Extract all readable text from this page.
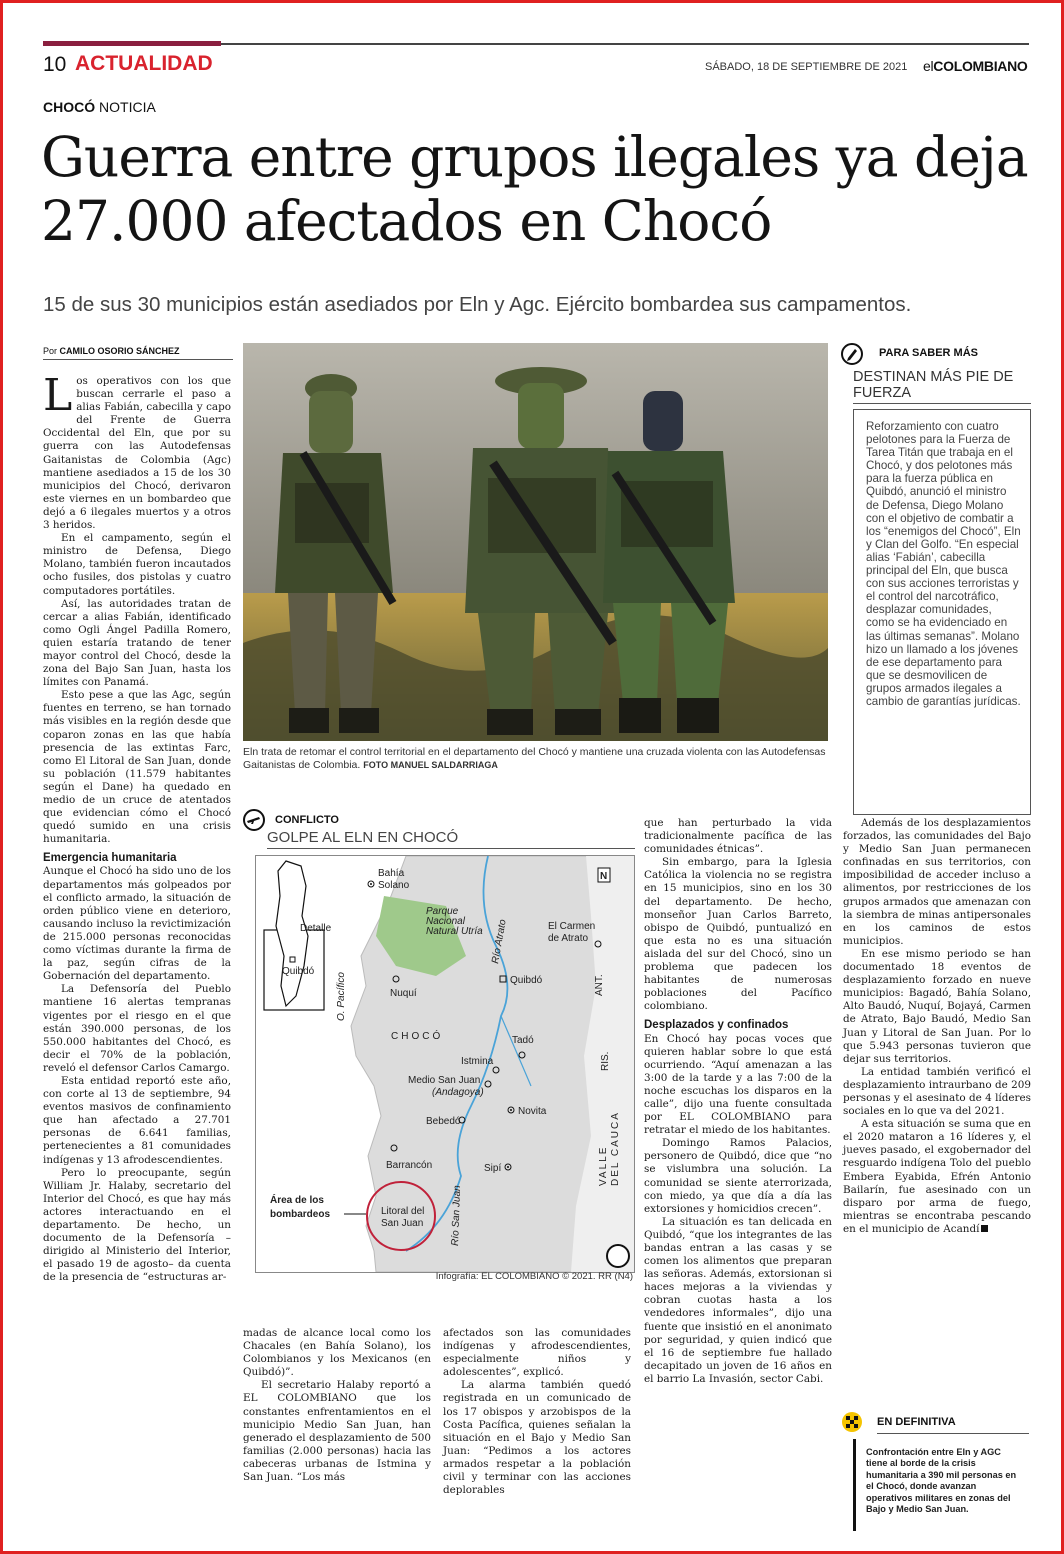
10 ACTUALIDAD	SÁBADO, 18 DE SEPTIEMBRE DE 2021 elCOLOMBIANO
CHOCÓ NOTICIA
Guerra entre grupos ilegales ya deja 27.000 afectados en Chocó
15 de sus 30 municipios están asediados por Eln y Agc. Ejército bombardea sus campamentos.
Por CAMILO OSORIO SÁNCHEZ
L os operativos con los que buscan cerrarle el paso a alias Fabián, cabecilla y capo del Frente de Guerra Occidental del Eln, que por su guerra con las Autodefensas Gaitanistas de Colombia (Agc) mantiene asediados a 15 de los 30 municipios del Chocó, derivaron este viernes en un bombardeo que dejó a 6 ilegales muertos y a otros 3 heridos.

En el campamento, según el ministro de Defensa, Diego Molano, también fueron incautados ocho fusiles, dos pistolas y cuatro computadores portátiles.

Así, las autoridades tratan de cercar a alias Fabián, identificado como Ogli Ángel Padilla Romero, quien estaría tratando de tener mayor control del Chocó, desde la zona del Bajo San Juan, hasta los límites con Panamá.

Esto pese a que las Agc, según fuentes en terreno, se han tornado más visibles en la región desde que coparon zonas en las que había presencia de las extintas Farc, como El Litoral de San Juan, donde su población (11.579 habitantes según el Dane) ha quedado en medio de un cruce de atentados que evidencian cómo el Chocó quedó sumido en una crisis humanitaria.

Emergencia humanitaria

Aunque el Chocó ha sido uno de los departamentos más golpeados por el conflicto armado, la situación de orden público viene en deterioro, causando incluso la revictimización de 215.000 personas reconocidas como víctimas durante la firma de la paz, según cifras de la Gobernación del departamento.

La Defensoría del Pueblo mantiene 16 alertas tempranas vigentes por el riesgo en el que están 390.000 personas, de los 550.000 habitantes del Chocó, es decir el 70% de la población, reveló el defensor Carlos Camargo.

Esta entidad reportó este año, con corte al 13 de septiembre, 94 eventos masivos de confinamiento que han afectado a 27.701 personas de 6.641 familias, pertenecientes a 81 comunidades indígenas y 13 afrodescendientes.

Pero lo preocupante, según William Jr. Halaby, secretario del Interior del Chocó, es que hay más actores interactuando en el departamento. De hecho, un documento de la Defensoría –dirigido al Ministerio del Interior, el pasado 19 de agosto– da cuenta de la presencia de “estructuras ar-

Eln trata de retomar el control territorial en el departamento del Chocó y mantiene una cruzada violenta con las Autodefensas Gaitanistas de Colombia. FOTO MANUEL SALDARRIAGA
PARA SABER MÁS
DESTINAN MÁS PIE DE FUERZA
Reforzamiento con cuatro pelotones para la Fuerza de Tarea Titán que trabaja en el Chocó, y dos pelotones más para la fuerza pública en Quibdó, anunció el ministro de Defensa, Diego Molano con el objetivo de combatir a los “enemigos del Chocó”, Eln y Clan del Golfo. “En especial alias ‘Fabián’, cabecilla principal del Eln, que busca con sus acciones terroristas y el control del narcotráfico, desplazar comunidades, como se ha evidenciado en las últimas semanas”. Molano hizo un llamado a los jóvenes de ese departamento para que se desmovilicen de grupos armados ilegales a cambio de garantías jurídicas.
CONFLICTO
GOLPE AL ELN EN CHOCÓ
Detalle
Quibdó
N
Bahía
Solano
Parque
Nacional
Natural Utría	El Carmen
de Atrato
Quibdó
Río Atrato
Nuquí	ANT.
CHOCÓ	Tadó
Istmina	RIS.
O. Pacífico
Medio San Juan
(Andagoya)
Novita
Bebedó
Barrancón	Sipí	VALLE DEL CAUCA
Río San Juan
Área de los
bombardeos	Litoral del
San Juan
Infografía: EL COLOMBIANO © 2021. RR (N4)

madas de alcance local como los Chacales (en Bahía Solano), los Colombianos y los Mexicanos (en Quibdó)”.

El secretario Halaby reportó a EL COLOMBIANO que los constantes enfrentamientos en el municipio Medio San Juan, han generado el desplazamiento de 500 familias (2.000 personas) hacia las cabeceras urbanas de Istmina y San Juan. “Los más

afectados son las comunidades indígenas y afrodescendientes, especialmente niños y adolescentes”, explicó.

La alarma también quedó registrada en un comunicado de los 17 obispos y arzobispos de la Costa Pacífica, quienes señalan la situación en el Bajo y Medio San Juan: “Pedimos a los actores armados respetar a la población civil y terminar con las acciones deplorables

que han perturbado la vida tradicionalmente pacífica de las comunidades étnicas”.

Sin embargo, para la Iglesia Católica la violencia no se registra en 15 municipios, sino en los 30 del departamento. De hecho, monseñor Juan Carlos Barreto, obispo de Quibdó, puntualizó en que esta no es una situación aislada del sur del Chocó, sino un problema que padecen los habitantes de numerosas poblaciones del Pacífico colombiano.

Desplazados y confinados

En Chocó hay pocas voces que quieren hablar sobre lo que está ocurriendo. “Aquí amenazan a las 3:00 de la tarde y a las 7:00 de la noche escuchas los disparos en la calle”, dijo una fuente consultada por EL COLOMBIANO para retratar el miedo de los habitantes.

Domingo Ramos Palacios, personero de Quibdó, dice que “no se vislumbra una solución. La comunidad se siente aterrorizada, con miedo, ya que día a día las extorsiones y homicidios crecen”.

La situación es tan delicada en Quibdó, “que los integrantes de las bandas entran a las casas y se comen los alimentos que preparan las señoras. Además, extorsionan si haces mejoras a la viviendas y cobran cuotas hasta a los vendedores informales”, dijo una fuente que insistió en el anonimato por seguridad, y quien indicó que el 16 de septiembre fue hallado decapitado un joven de 16 años en el barrio La Invasión, sector Cabi.

Además de los desplazamientos forzados, las comunidades del Bajo y Medio San Juan permanecen confinadas en sus territorios, con imposibilidad de acceder incluso a alimentos, por restricciones de los grupos armados que amenazan con la siembra de minas antipersonales en los caminos de estos municipios.

En ese mismo periodo se han documentado 18 eventos de desplazamiento forzado en nueve municipios: Bagadó, Bahía Solano, Alto Baudó, Nuquí, Bojayá, Carmen de Atrato, Bajo Baudó, Medio San Juan y Litoral de San Juan. Por lo que 5.943 personas tuvieron que dejar sus territorios.

La entidad también verificó el desplazamiento intraurbano de 209 personas y el asesinato de 4 líderes sociales en lo que va del 2021.

A esta situación se suma que en el 2020 mataron a 16 líderes y, el jueves pasado, el exgobernador del resguardo indígena Tolo del pueblo Embera Eyabida, Efrén Antonio Bailarín, fue asesinado con un disparo por arma de fuego, mientras se encontraba pescando en el municipio de Acandí

EN DEFINITIVA
Confrontación entre Eln y AGC tiene al borde de la crisis humanitaria a 390 mil personas en el Chocó, donde avanzan operativos militares en zonas del Bajo y Medio San Juan.
